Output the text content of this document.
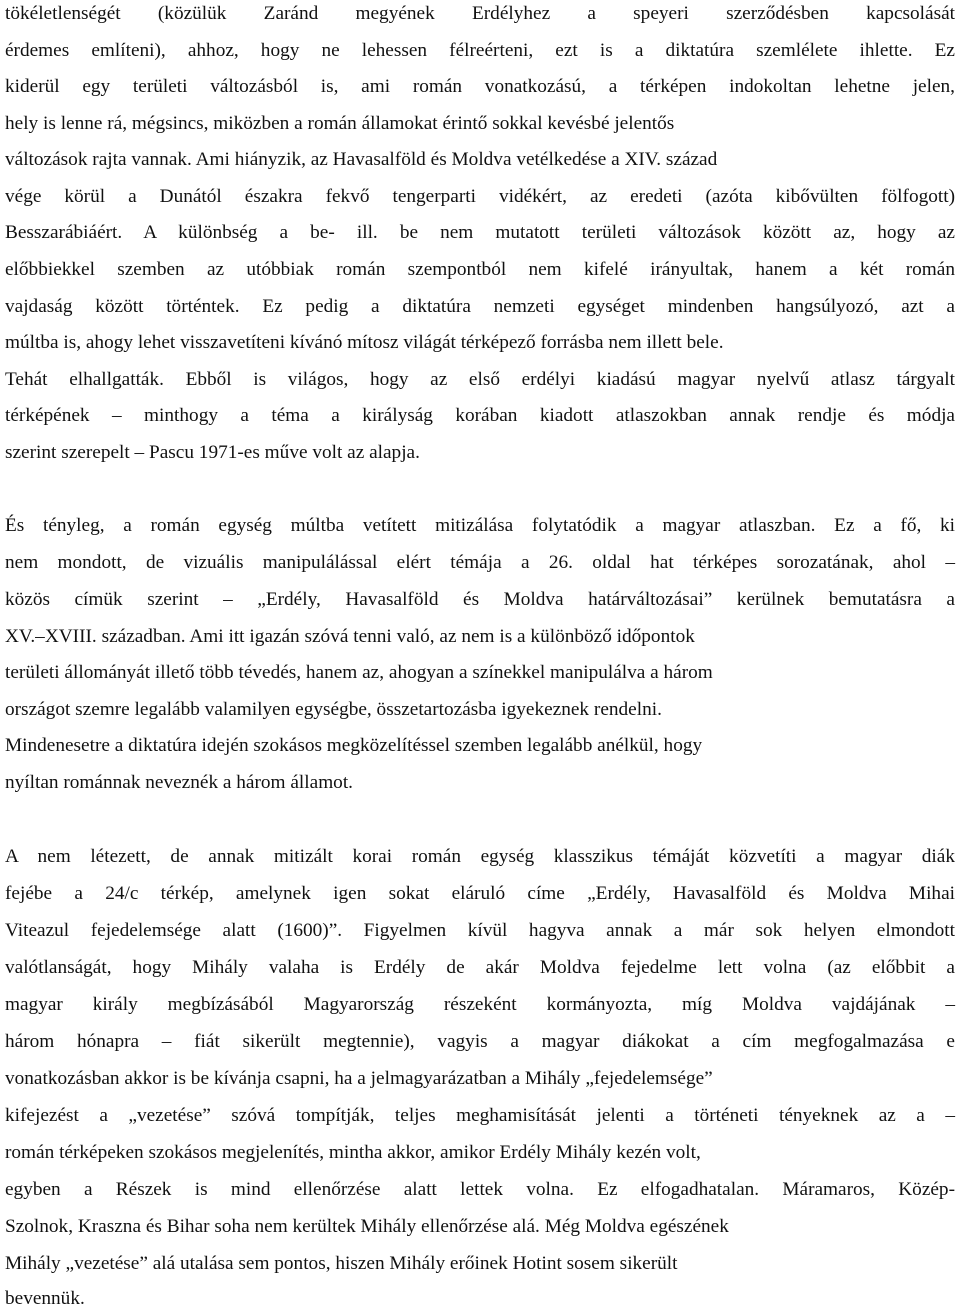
tökéletlenségét (közülük Zaránd megyének Erdélyhez a speyeri szerződésben kapcsolását
érdemes említeni), ahhoz, hogy ne lehessen félreérteni, ezt is a diktatúra szemlélete ihlette. Ez
kiderül egy területi változásból is, ami román vonatkozású, a térképen indokoltan lehetne jelen,
hely is lenne rá, mégsincs, miközben a román államokat érintő sokkal kevésbé jelentős
változások rajta vannak. Ami hiányzik, az Havasalföld és Moldva vetélkedése a XIV. század
vége körül a Dunától északra fekvő tengerparti vidékért, az eredeti (azóta kibővülten fölfogott)
Besszarábiáért. A különbség a be- ill. be nem mutatott területi változások között az, hogy az
előbbiekkel szemben az utóbbiak román szempontból nem kifelé irányultak, hanem a két román
vajdaság között történtek. Ez pedig a diktatúra nemzeti egységet mindenben hangsúlyozó, azt a
múltba is, ahogy lehet visszavetíteni kívánó mítosz világát térképező forrásba nem illett bele.
Tehát elhallgatták. Ebből is világos, hogy az első erdélyi kiadású magyar nyelvű atlasz tárgyalt
térképének – minthogy a téma a királyság korában kiadott atlaszokban annak rendje és módja
szerint szerepelt – Pascu 1971-es műve volt az alapja.
És tényleg, a román egység múltba vetített mitizálása folytatódik a magyar atlaszban. Ez a fő, ki
nem mondott, de vizuális manipulálással elért témája a 26. oldal hat térképes sorozatának, ahol –
közös címük szerint – „Erdély, Havasalföld és Moldva határváltozásai” kerülnek bemutatásra a
XV.–XVIII. században. Ami itt igazán szóvá tenni való, az nem is a különböző időpontok
területi állományát illető több tévedés, hanem az, ahogyan a színekkel manipulálva a három
országot szemre legalább valamilyen egységbe, összetartozásba igyekeznek rendelni.
Mindenesetre a diktatúra idején szokásos megközelítéssel szemben legalább anélkül, hogy
nyíltan románnak neveznék a három államot.
A nem létezett, de annak mitizált korai román egység klasszikus témáját közvetíti a magyar diák
fejébe a 24/c térkép, amelynek igen sokat eláruló címe „Erdély, Havasalföld és Moldva Mihai
Viteazul fejedelemsége alatt (1600)”. Figyelmen kívül hagyva annak a már sok helyen elmondott
valótlanságát, hogy Mihály valaha is Erdély de akár Moldva fejedelme lett volna (az előbbit a
magyar király megbízásából Magyarország részeként kormányozta, míg Moldva vajdájának –
három hónapra – fiát sikerült megtennie), vagyis a magyar diákokat a cím megfogalmazása e
vonatkozásban akkor is be kívánja csapni, ha a jelmagyarázatban a Mihály „fejedelemsége”
kifejezést a „vezetése” szóvá tompítják, teljes meghamisítását jelenti a történeti tényeknek az a –
román térképeken szokásos megjelenítés, mintha akkor, amikor Erdély Mihály kezén volt,
egyben a Részek is mind ellenőrzése alatt lettek volna. Ez elfogadhatalan. Máramaros, Közép-
Szolnok, Kraszna és Bihar soha nem kerültek Mihály ellenőrzése alá. Még Moldva egészének
Mihály „vezetése” alá utalása sem pontos, hiszen Mihály erőinek Hotint sosem sikerült
bevennük.
